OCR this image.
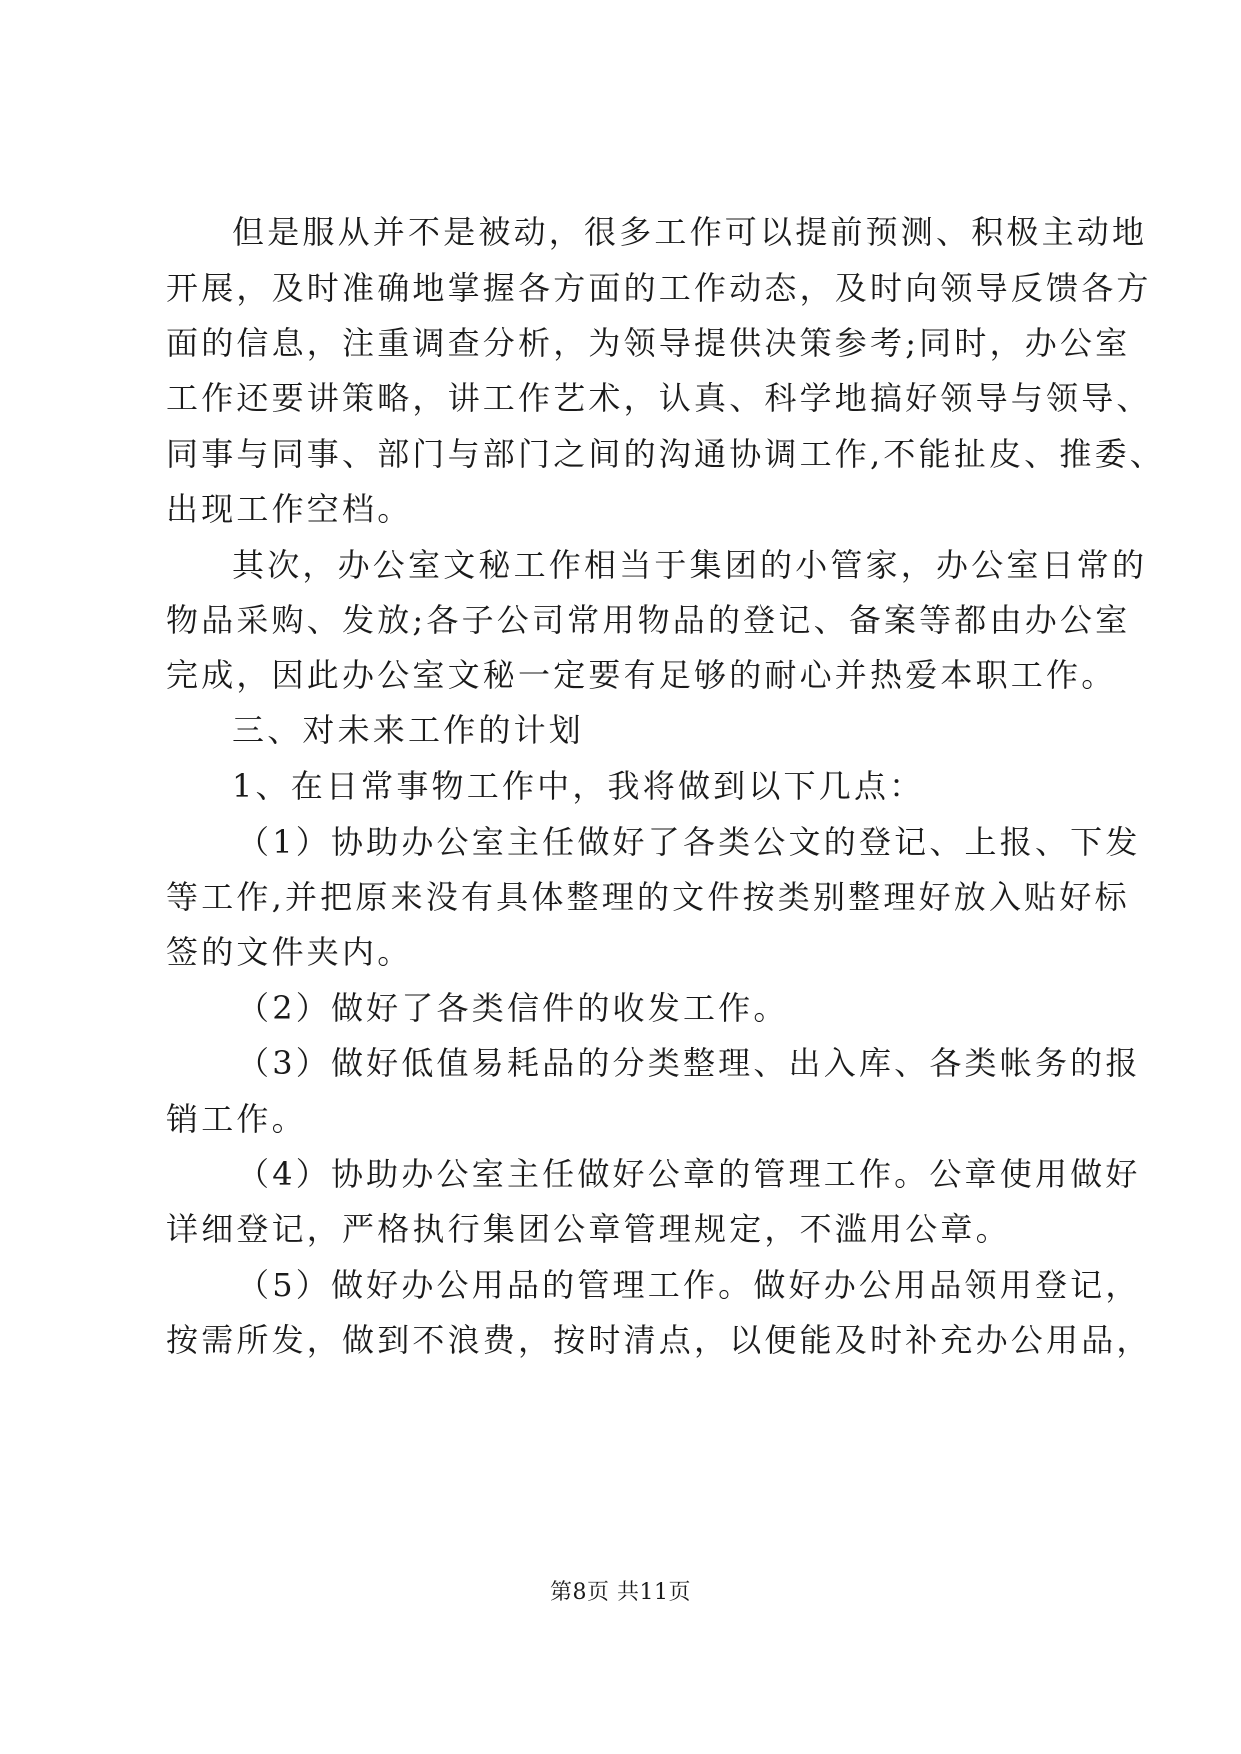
但是服从并不是被动，很多工作可以提前预测、积极主动地
开展，及时准确地掌握各方面的工作动态，及时向领导反馈各方
面的信息，注重调查分析，为领导提供决策参考;同时，办公室
工作还要讲策略，讲工作艺术，认真、科学地搞好领导与领导、
同事与同事、部门与部门之间的沟通协调工作,不能扯皮、推委、
出现工作空档。
其次，办公室文秘工作相当于集团的小管家，办公室日常的
物品采购、发放;各子公司常用物品的登记、备案等都由办公室
完成，因此办公室文秘一定要有足够的耐心并热爱本职工作。
三、对未来工作的计划
1、在日常事物工作中，我将做到以下几点：
（1）协助办公室主任做好了各类公文的登记、上报、下发
等工作,并把原来没有具体整理的文件按类别整理好放入贴好标
签的文件夹内。
（2）做好了各类信件的收发工作。
（3）做好低值易耗品的分类整理、出入库、各类帐务的报
销工作。
（4）协助办公室主任做好公章的管理工作。公章使用做好
详细登记，严格执行集团公章管理规定，不滥用公章。
（5）做好办公用品的管理工作。做好办公用品领用登记，
按需所发，做到不浪费，按时清点，以便能及时补充办公用品，
第8页 共11页
